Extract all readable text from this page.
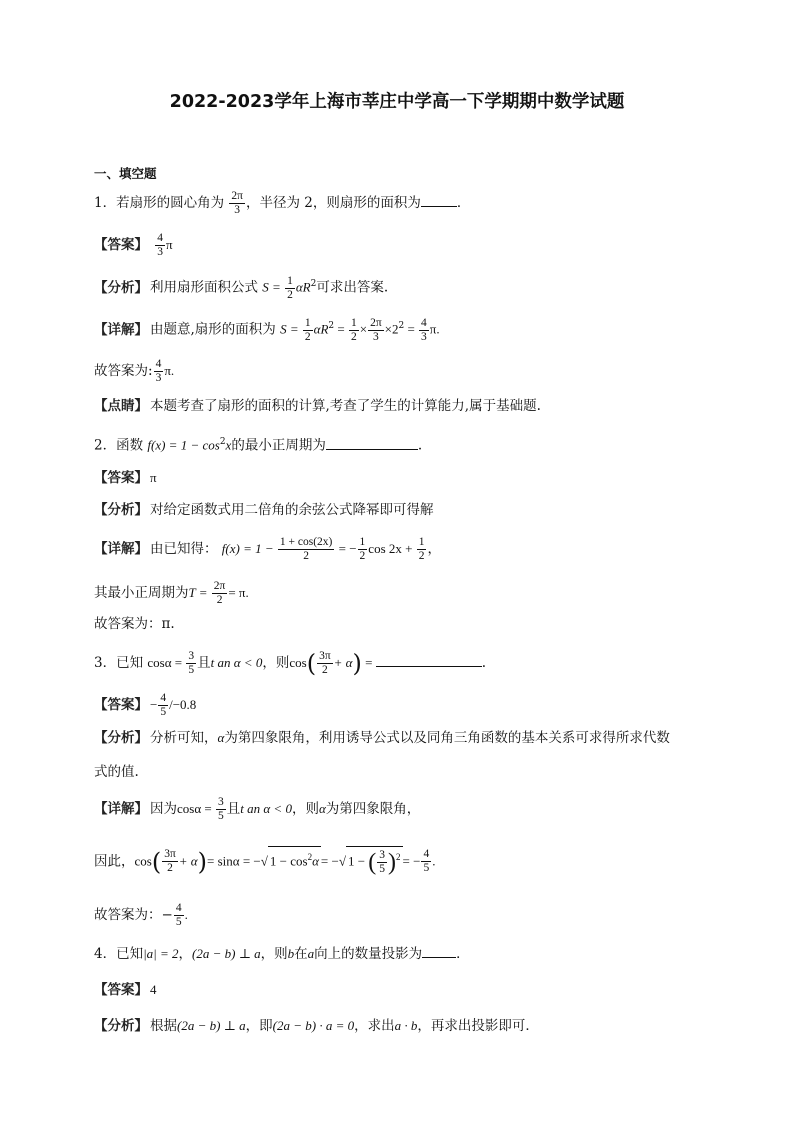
2022-2023学年上海市莘庄中学高一下学期期中数学试题
一、填空题
1．若扇形的圆心角为 $\frac{2\pi}{3}$ ，半径为 2，则扇形的面积为	．
【答案】 $\frac{4}{3}$ π
【分析】 利用扇形面积公式 $S = \frac{1}{2} \alpha R^2$可求出答案.
【详解】 由题意,扇形的面积为 $S = \frac{1}{2} \alpha R^2 = \frac{1}{2} \times \frac{2\pi}{3} \times 2^2 = \frac{4}{3} \pi$.
故答案为: $\frac{4}{3} \pi$.
【点睛】 本题考查了扇形的面积的计算,考查了学生的计算能力,属于基础题.
2．函数 $f(x) = 1 - \cos^2x$的最小正周期为	.
【答案】 π
【分析】 对给定函数式用二倍角的余弦公式降幂即可得解
【详解】 由已知得： $f(x) = 1 - \frac{1 + \cos(2x)}{2}$ = − $\frac{1}{2}$ $\cos 2x + \frac{1}{2}$ ，
其最小正周期为$T = \frac{2\pi}{2} = \pi$.
故答案为：π.
3．已知 $\cos\alpha = \frac{3}{5}$ 且t an α < 0，则$\cos( \frac{3\pi}{2} + \alpha)$ =	.
【答案】 − $\frac{4}{5} /-0.8$
【分析】 分析可知，α为第四象限角，利用诱导公式以及同角三角函数的基本关系可求得所求代数
式的值.
【详解】 因为$\cos\alpha = \frac{3}{5}$ 且t an α < 0，则α为第四象限角，
因此，$\cos( \frac{3\pi}{2} + \alpha)= \sin\alpha$ = −√ $1 - \cos^2\alpha$ = −√ 1 − ( $\frac{3}{5} )^2$ = − $\frac{4}{5}$ .
故答案为：− $\frac{4}{5}$ .
4．已知|a| = 2，(2a − b) ⊥ a，则b在a向上的数量投影为	．
【答案】 4
【分析】 根据(2a − b) ⊥ a，即(2a − b) · a = 0，求出a · b，再求出投影即可．
